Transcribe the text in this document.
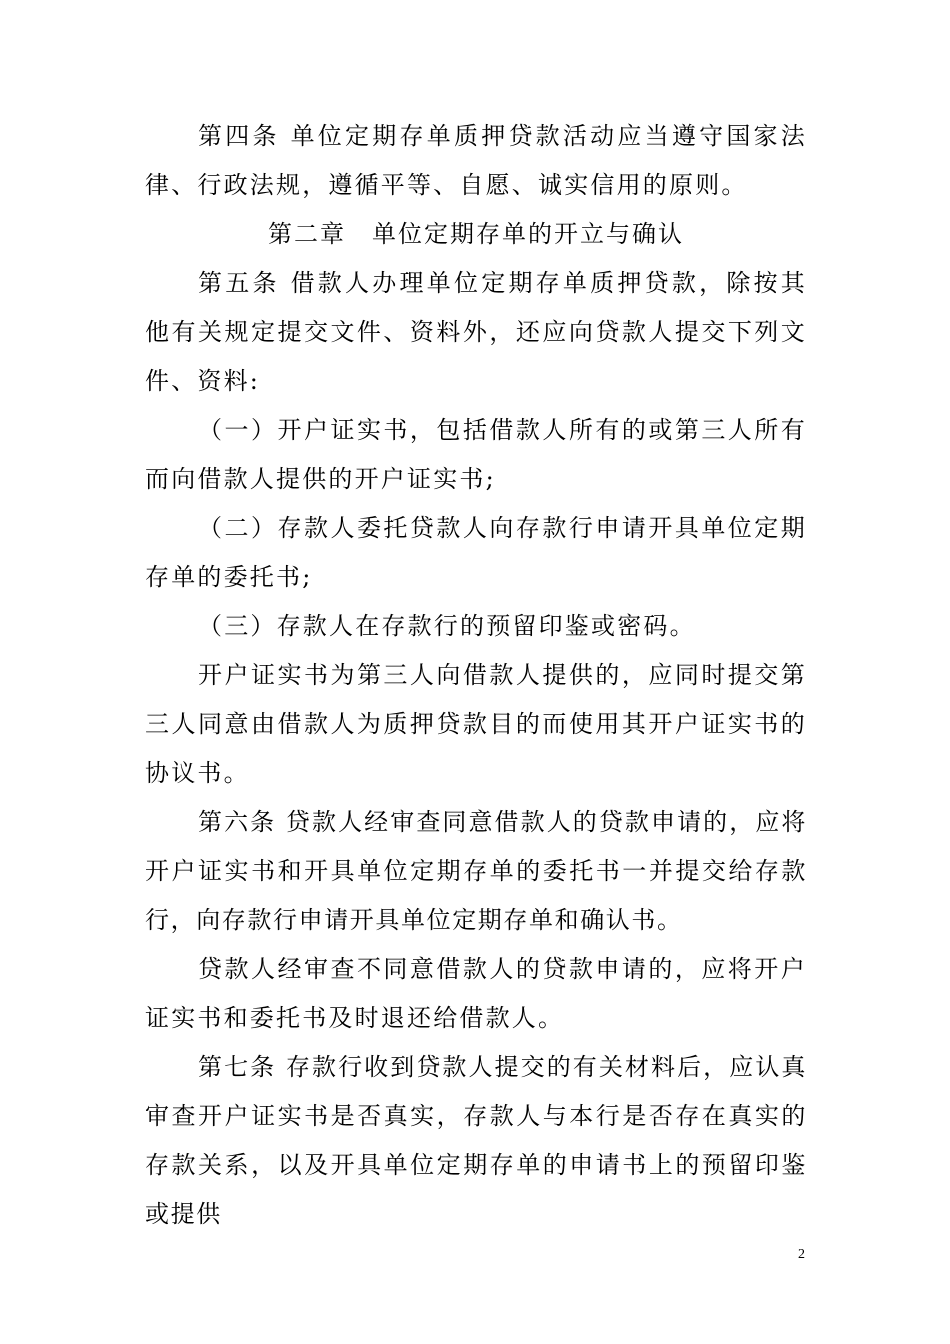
第四条 单位定期存单质押贷款活动应当遵守国家法律、行政法规，遵循平等、自愿、诚实信用的原则。

第二章　单位定期存单的开立与确认

第五条 借款人办理单位定期存单质押贷款，除按其他有关规定提交文件、资料外，还应向贷款人提交下列文件、资料:

（一）开户证实书，包括借款人所有的或第三人所有而向借款人提供的开户证实书;

（二）存款人委托贷款人向存款行申请开具单位定期存单的委托书;

（三）存款人在存款行的预留印鉴或密码。

开户证实书为第三人向借款人提供的，应同时提交第三人同意由借款人为质押贷款目的而使用其开户证实书的协议书。

第六条 贷款人经审查同意借款人的贷款申请的，应将开户证实书和开具单位定期存单的委托书一并提交给存款行，向存款行申请开具单位定期存单和确认书。

贷款人经审查不同意借款人的贷款申请的，应将开户证实书和委托书及时退还给借款人。

第七条 存款行收到贷款人提交的有关材料后，应认真审查开户证实书是否真实，存款人与本行是否存在真实的存款关系，以及开具单位定期存单的申请书上的预留印鉴或提供

2
